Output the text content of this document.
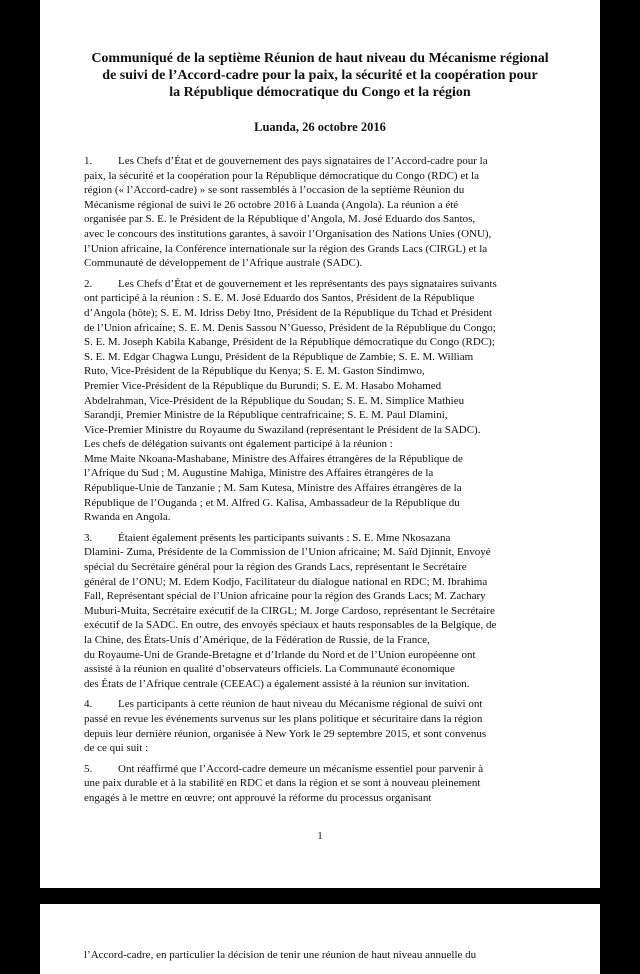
Communiqué de la septième Réunion de haut niveau du Mécanisme régional
de suivi de l’Accord-cadre pour la paix, la sécurité et la coopération pour
la République démocratique du Congo et la région
Luanda, 26 octobre 2016
1. Les Chefs d’État et de gouvernement des pays signataires de l’Accord-cadre pour la
paix, la sécurité et la coopération pour la République démocratique du Congo (RDC) et la
région (« l’Accord-cadre) » se sont rassemblés à l’occasion de la septième Réunion du
Mécanisme régional de suivi le 26 octobre 2016 à Luanda (Angola). La réunion a été
organisée par S. E. le Président de la République d’Angola, M. José Eduardo dos Santos,
avec le concours des institutions garantes, à savoir l’Organisation des Nations Unies (ONU),
l’Union africaine, la Conférence internationale sur la région des Grands Lacs (CIRGL) et la
Communauté de développement de l’Afrique australe (SADC).
2. Les Chefs d’État et de gouvernement et les représentants des pays signataires suivants
ont participé à la réunion : S. E. M. José Eduardo dos Santos, Président de la République
d’Angola (hôte); S. E. M. Idriss Deby Itno, Président de la République du Tchad et Président
de l’Union africaine; S. E. M. Denis Sassou N’Guesso, Président de la République du Congo;
S. E. M. Joseph Kabila Kabange, Président de la République démocratique du Congo (RDC);
S. E. M. Edgar Chagwa Lungu, Président de la République de Zambie; S. E. M. William
Ruto, Vice-Président de la République du Kenya; S. E. M. Gaston Sindimwo,
Premier Vice-Président de la République du Burundi; S. E. M. Hasabo Mohamed
Abdelrahman, Vice-Président de la République du Soudan; S. E. M. Simplice Mathieu
Sarandji, Premier Ministre de la République centrafricaine; S. E. M. Paul Dlamini,
Vice-Premier Ministre du Royaume du Swaziland (représentant le Président de la SADC).
Les chefs de délégation suivants ont également participé à la réunion :
Mme Maite Nkoana-Mashabane, Ministre des Affaires étrangères de la République de
l’Afrique du Sud ; M. Augustine Mahiga, Ministre des Affaires étrangères de la
République-Unie de Tanzanie ; M. Sam Kutesa, Ministre des Affaires étrangères de la
République de l’Ouganda ; et M. Alfred G. Kalisa, Ambassadeur de la République du
Rwanda en Angola.
3. Étaient également présents les participants suivants : S. E. Mme Nkosazana
Dlamini- Zuma, Présidente de la Commission de l’Union africaine; M. Saïd Djinnit, Envoyé
spécial du Secrétaire général pour la région des Grands Lacs, représentant le Secrétaire
général de l’ONU; M. Edem Kodjo, Facilitateur du dialogue national en RDC; M. Ibrahima
Fall, Représentant spécial de l’Union africaine pour la région des Grands Lacs; M. Zachary
Muburi-Muita, Secrétaire exécutif de la CIRGL; M. Jorge Cardoso, représentant le Secrétaire
exécutif de la SADC. En outre, des envoyés spéciaux et hauts responsables de la Belgique, de
la Chine, des États-Unis d’Amérique, de la Fédération de Russie, de la France,
du Royaume-Uni de Grande-Bretagne et d’Irlande du Nord et de l’Union européenne ont
assisté à la réunion en qualité d’observateurs officiels. La Communauté économique
des États de l’Afrique centrale (CEEAC) a également assisté à la réunion sur invitation.
4. Les participants à cette réunion de haut niveau du Mécanisme régional de suivi ont
passé en revue les événements survenus sur les plans politique et sécuritaire dans la région
depuis leur dernière réunion, organisée à New York le 29 septembre 2015, et sont convenus
de ce qui suit :
5. Ont réaffirmé que l’Accord-cadre demeure un mécanisme essentiel pour parvenir à
une paix durable et à la stabilité en RDC et dans la région et se sont à nouveau pleinement
engagés à le mettre en œuvre; ont approuvé la réforme du processus organisant
1
l’Accord-cadre, en particulier la décision de tenir une réunion de haut niveau annuelle du
